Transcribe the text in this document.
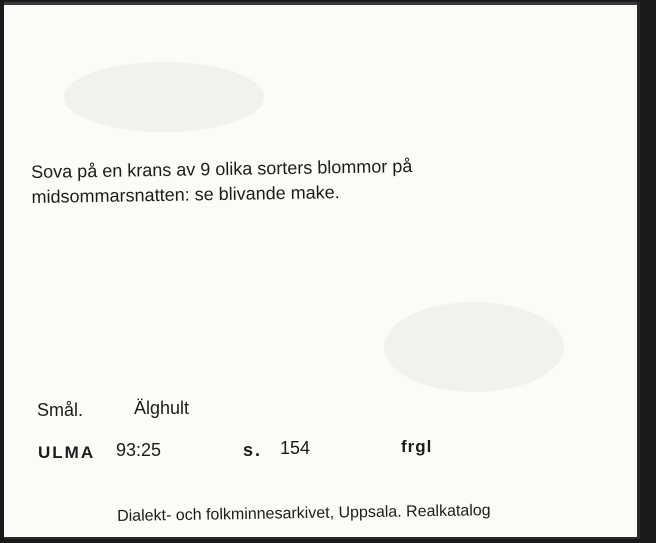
Sova på en krans av 9 olika sorters blommor på
midsommarsnatten: se blivande make.
Smål.	Älghult
ULMA 93:25	s. 154	frgl
Dialekt- och folkminnesarkivet, Uppsala. Realkatalog
